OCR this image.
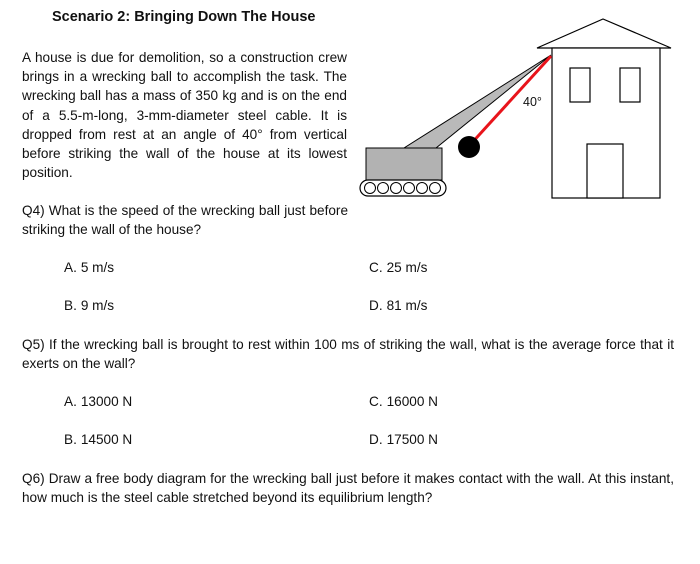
Scenario 2: Bringing Down The House
A house is due for demolition, so a construction crew brings in a wrecking ball to accomplish the task. The wrecking ball has a mass of 350 kg and is on the end of a 5.5-m-long, 3-mm-diameter steel cable. It is dropped from rest at an angle of 40° from vertical before striking the wall of the house at its lowest position.
40°
Q4) What is the speed of the wrecking ball just before striking the wall of the house?
A. 5 m/s
B. 9 m/s
C. 25 m/s
D. 81 m/s
Q5) If the wrecking ball is brought to rest within 100 ms of striking the wall, what is the average force that it exerts on the wall?
A. 13000 N
B. 14500 N
C. 16000 N
D. 17500 N
Q6) Draw a free body diagram for the wrecking ball just before it makes contact with the wall. At this instant, how much is the steel cable stretched beyond its equilibrium length?
